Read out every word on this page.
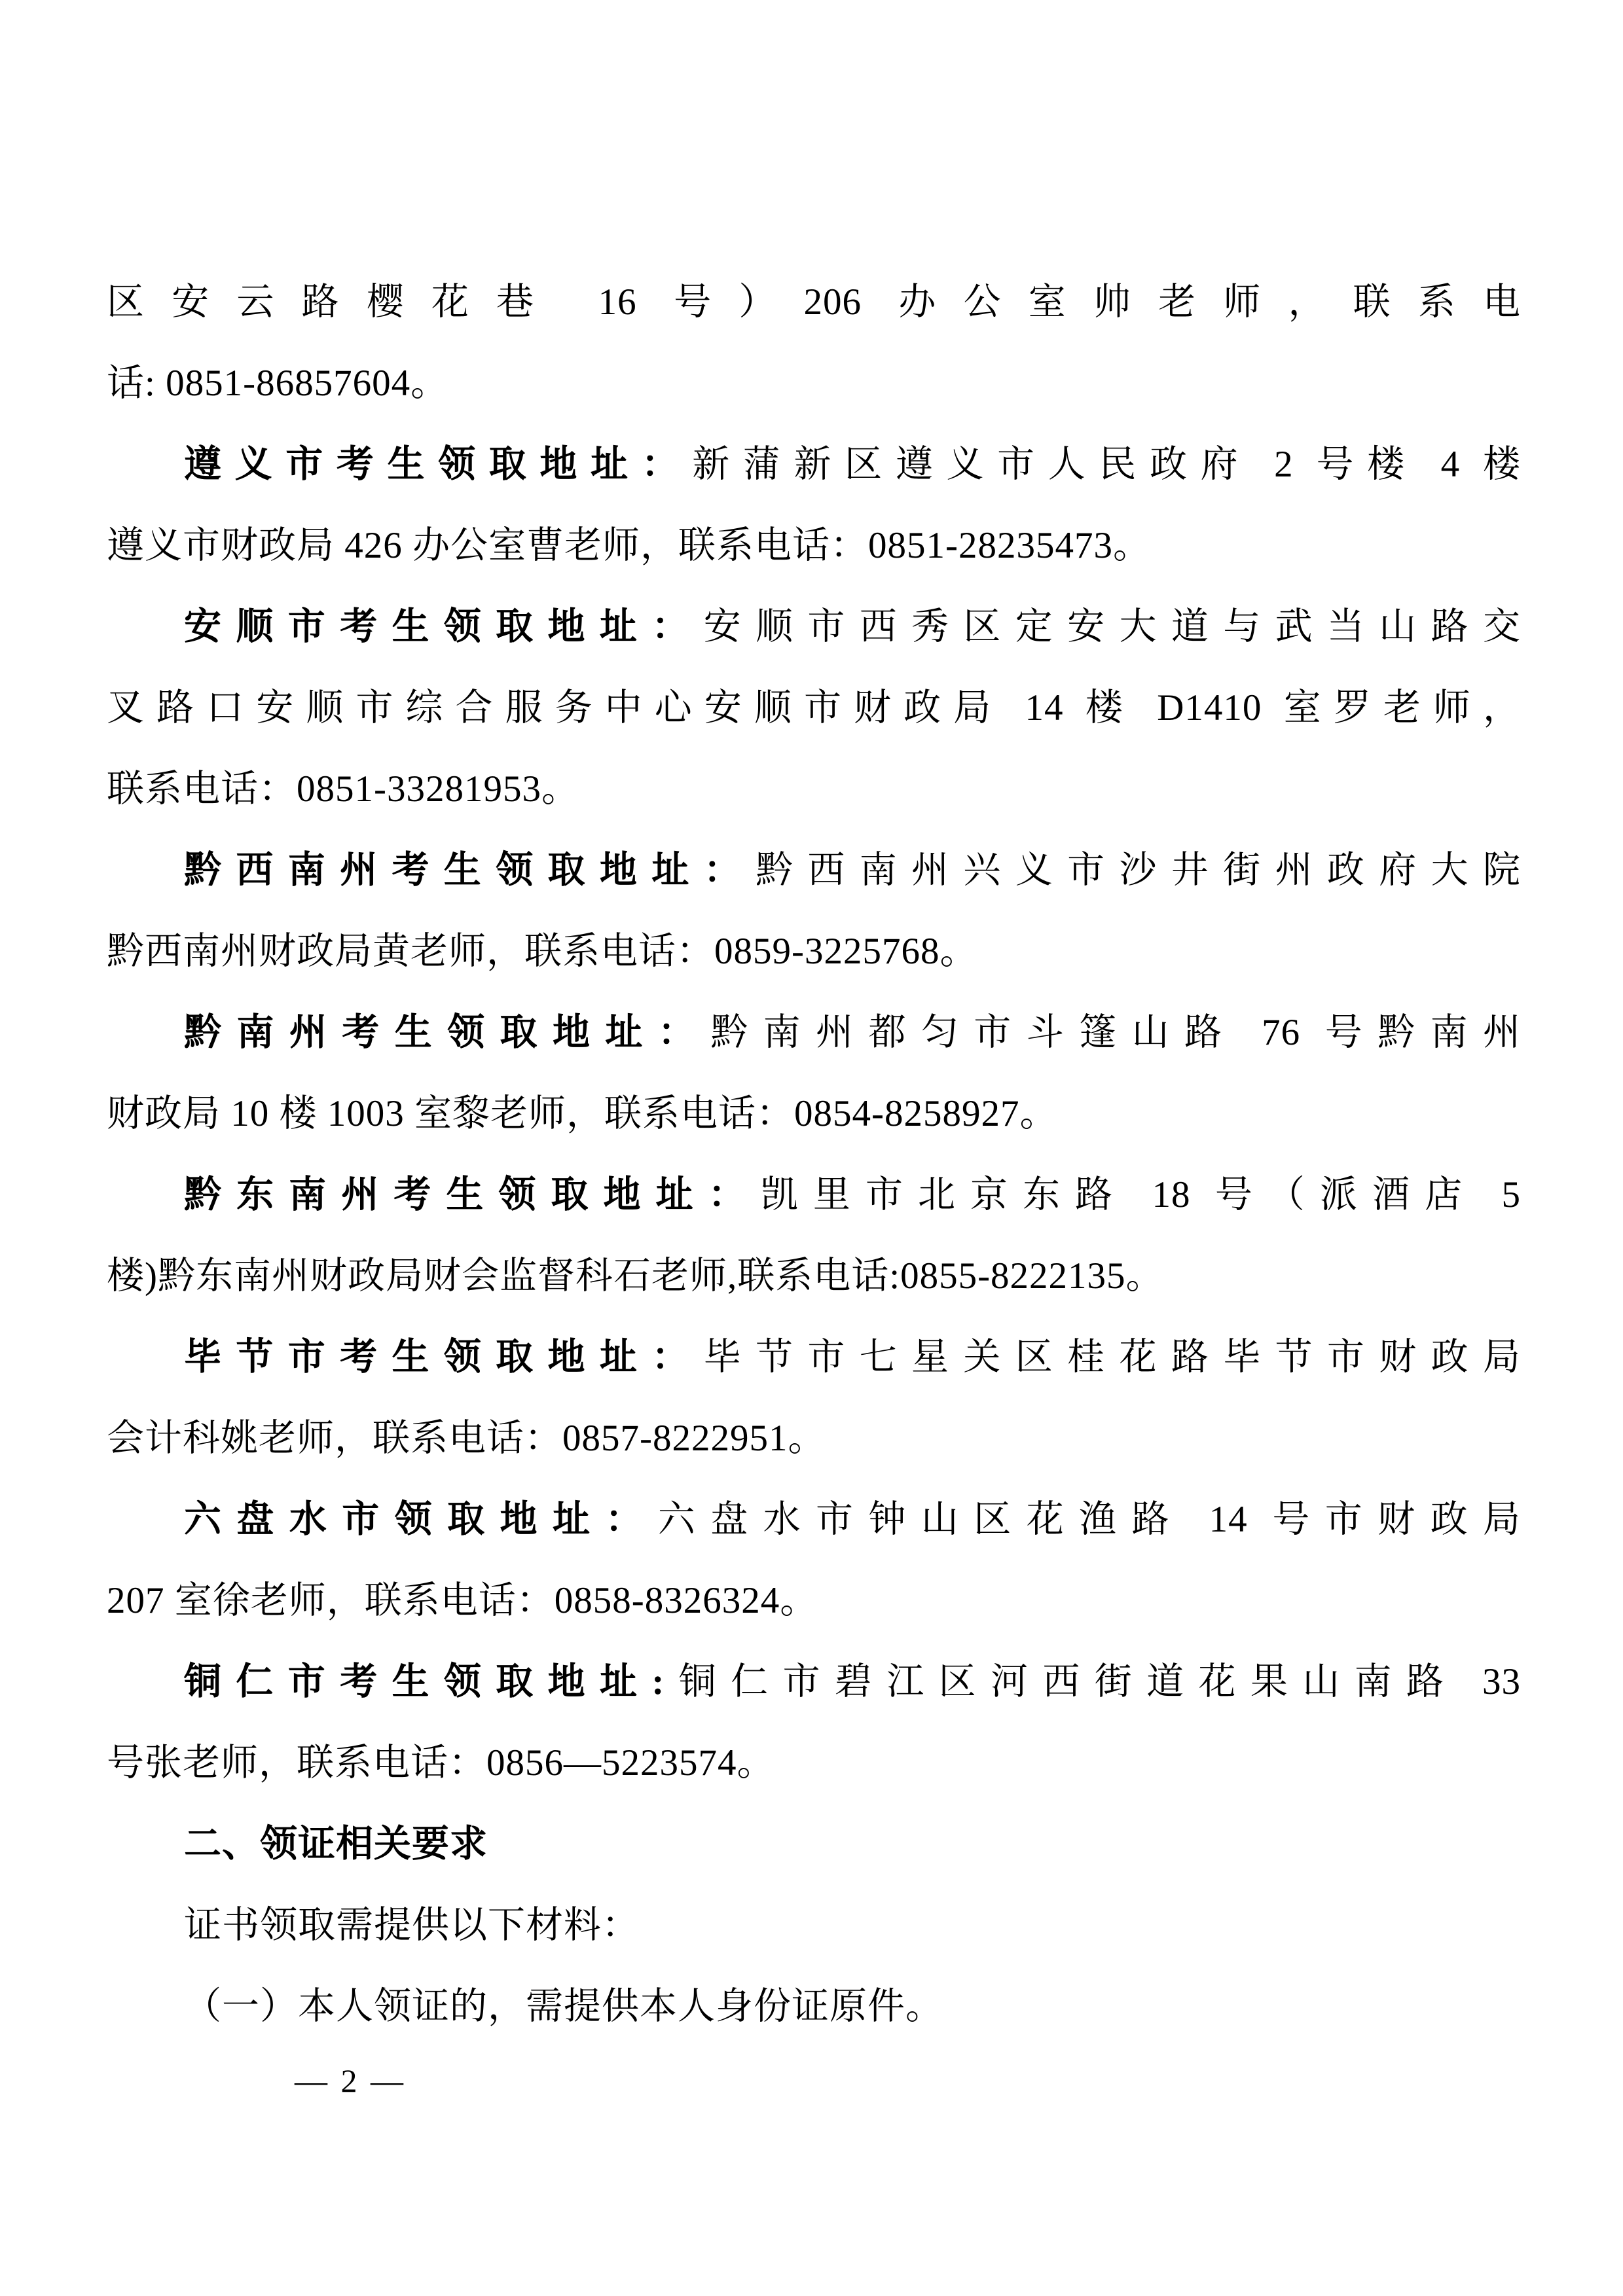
区安云路樱花巷 16 号）206 办公室帅老师，联系电
话: 0851-86857604。
遵义市考生领取地址：新蒲新区遵义市人民政府 2 号楼 4 楼
遵义市财政局 426 办公室曹老师，联系电话：0851-28235473。
安顺市考生领取地址：安顺市西秀区定安大道与武当山路交
叉路口安顺市综合服务中心安顺市财政局 14 楼 D1410 室罗老师，
联系电话：0851-33281953。
黔西南州考生领取地址：黔西南州兴义市沙井街州政府大院
黔西南州财政局黄老师，联系电话：0859-3225768。
黔南州考生领取地址：黔南州都匀市斗篷山路 76 号黔南州
财政局 10 楼 1003 室黎老师，联系电话：0854-8258927。
黔东南州考生领取地址：凯里市北京东路 18 号（派酒店 5
楼)黔东南州财政局财会监督科石老师,联系电话:0855-8222135。
毕节市考生领取地址：毕节市七星关区桂花路毕节市财政局
会计科姚老师，联系电话：0857-8222951。
六盘水市领取地址：六盘水市钟山区花渔路 14 号市财政局
207 室徐老师，联系电话：0858-8326324。
铜仁市考生领取地址:铜仁市碧江区河西街道花果山南路 33
号张老师，联系电话：0856—5223574。
二、领证相关要求
证书领取需提供以下材料：
（一）本人领证的，需提供本人身份证原件。
— 2 —
